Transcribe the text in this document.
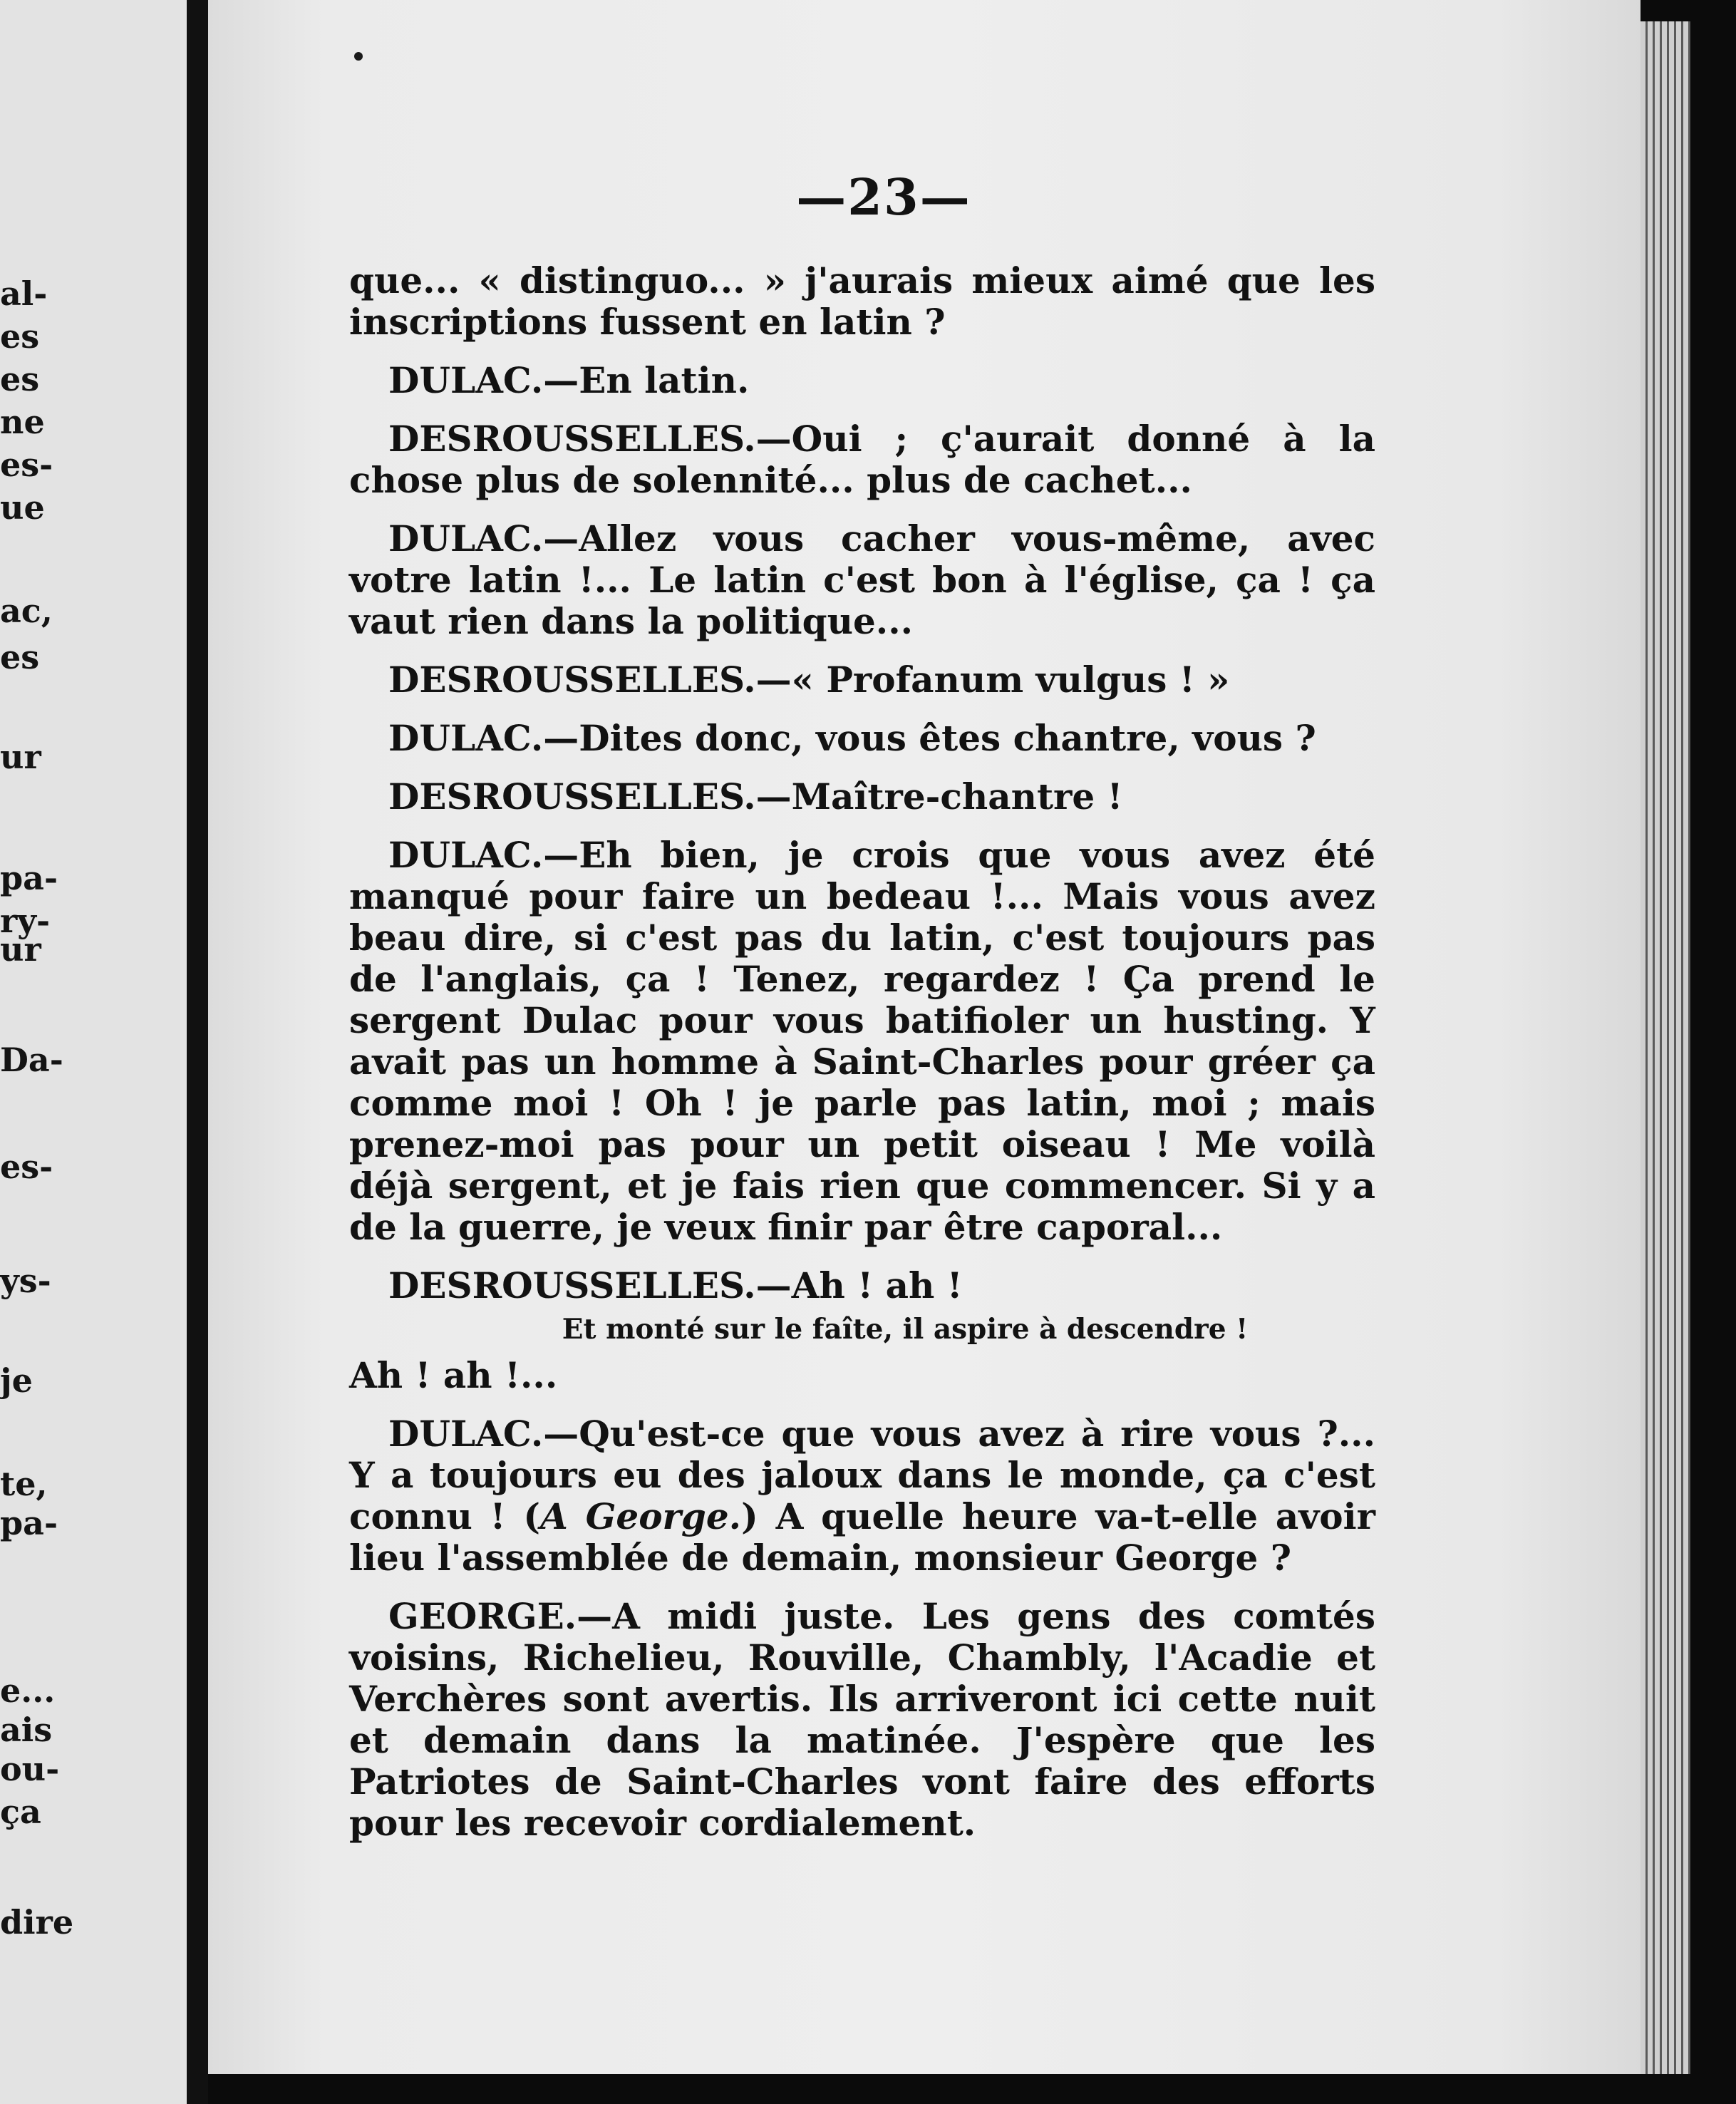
al-
es
es
ne
es-
ue
ac,
es
ur
pa-
ry-
ur
Da-
es-
ys-
je
te,
pa-
e...
ais
ou-
ça
dire
—23—

que... « distinguo... » j'aurais mieux aimé que les inscriptions fussent en latin ?

DULAC.—En latin.

DESROUSSELLES.—Oui ; ç'aurait donné à la chose plus de solennité... plus de cachet...

DULAC.—Allez vous cacher vous-même, avec votre latin !... Le latin c'est bon à l'église, ça ! ça vaut rien dans la politique...

DESROUSSELLES.—« Profanum vulgus ! »

DULAC.—Dites donc, vous êtes chantre, vous ?

DESROUSSELLES.—Maître-chantre !

DULAC.—Eh bien, je crois que vous avez été manqué pour faire un bedeau !... Mais vous avez beau dire, si c'est pas du latin, c'est toujours pas de l'anglais, ça ! Tenez, regardez ! Ça prend le sergent Dulac pour vous batifioler un husting. Y avait pas un homme à Saint-Charles pour gréer ça comme moi ! Oh ! je parle pas latin, moi ; mais prenez-moi pas pour un petit oiseau ! Me voilà déjà sergent, et je fais rien que commencer. Si y a de la guerre, je veux finir par être caporal...

DESROUSSELLES.—Ah ! ah !

Et monté sur le faîte, il aspire à descendre !

Ah ! ah !...

DULAC.—Qu'est-ce que vous avez à rire vous ?... Y a toujours eu des jaloux dans le monde, ça c'est connu ! (A George.) A quelle heure va-t-elle avoir lieu l'assemblée de demain, monsieur George ?

GEORGE.—A midi juste. Les gens des comtés voisins, Richelieu, Rouville, Chambly, l'Acadie et Verchères sont avertis. Ils arriveront ici cette nuit et demain dans la matinée. J'espère que les Patriotes de Saint-Charles vont faire des efforts pour les recevoir cordialement.
